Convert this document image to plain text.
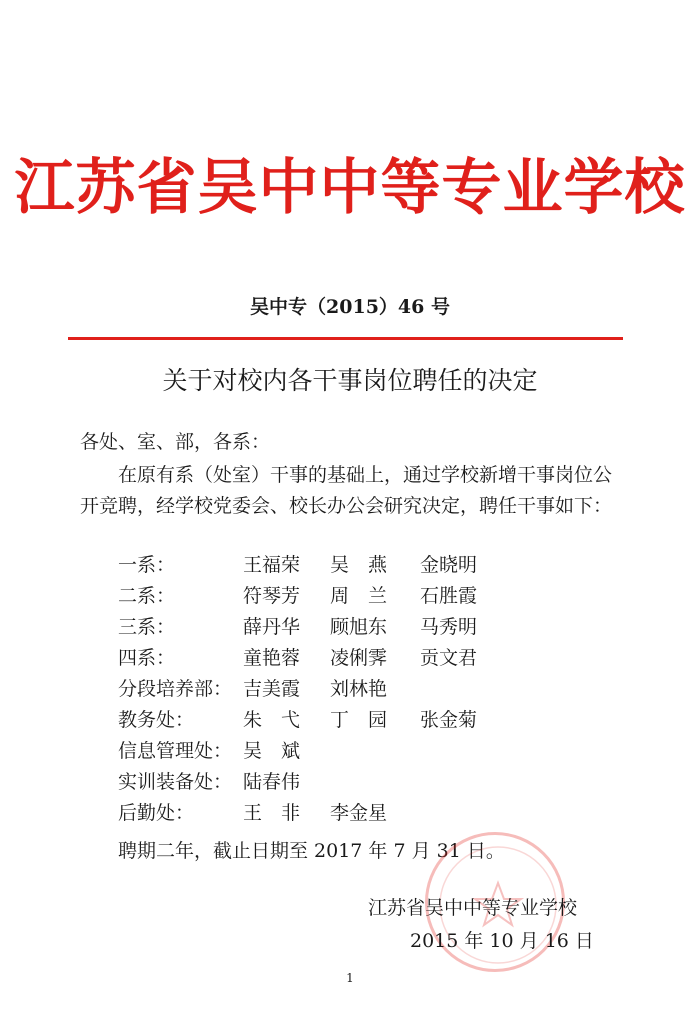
江苏省吴中中等专业学校
吴中专（2015）46 号
关于对校内各干事岗位聘任的决定
各处、室、部，各系：
在原有系（处室）干事的基础上，通过学校新增干事岗位公开竞聘，经学校党委会、校长办公会研究决定，聘任干事如下：
一系：	王福荣 吴　燕 金晓明
二系：	符琴芳 周　兰 石胜霞
三系：	薛丹华 顾旭东 马秀明
四系：	童艳蓉 凌俐霁 贡文君
分段培养部： 吉美霞 刘林艳
教务处：	朱　弋 丁　园 张金菊
信息管理处： 吴　斌
实训装备处： 陆春伟
后勤处：	王　非 李金星
聘期二年，截止日期至 2017 年 7 月 31 日。
江苏省吴中中等专业学校
2015 年 10 月 16 日
1
